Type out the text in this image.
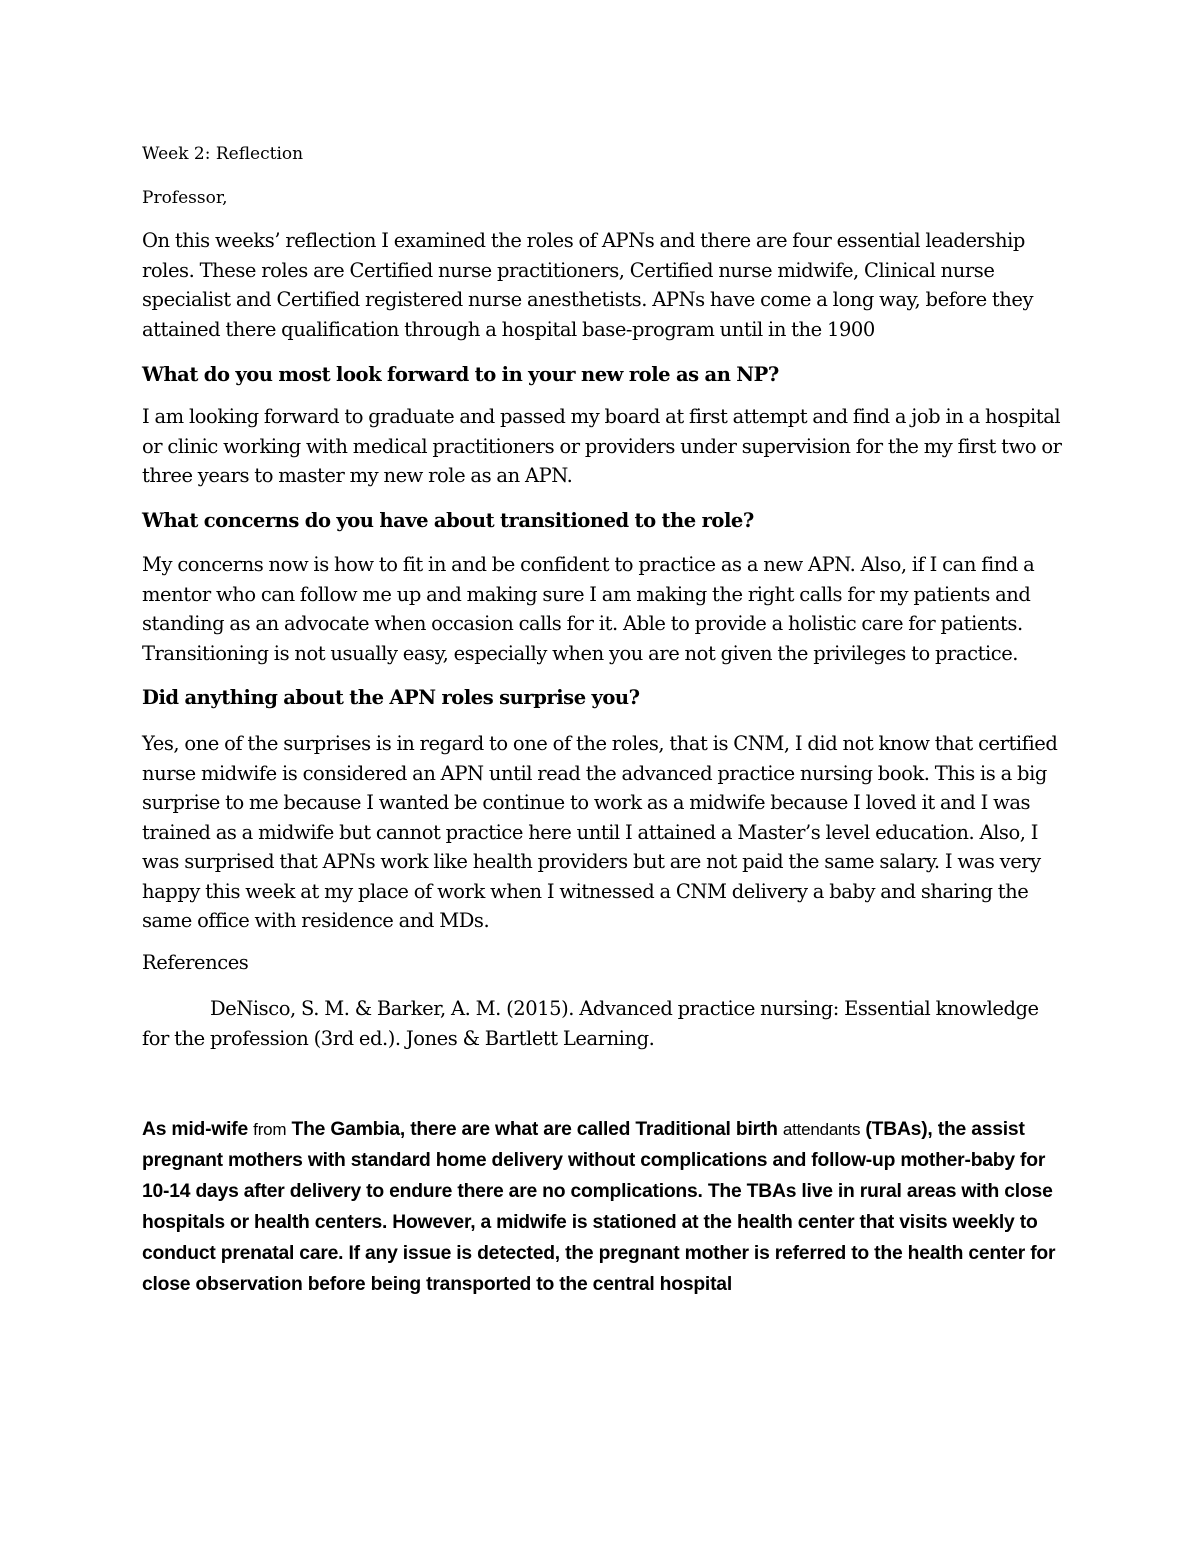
Week 2: Reflection

Professor,

On this weeks’ reflection I examined the roles of APNs and there are four essential leadership roles. These roles are Certified nurse practitioners, Certified nurse midwife, Clinical nurse specialist and Certified registered nurse anesthetists. APNs have come a long way, before they attained there qualification through a hospital base-program until in the 1900

What do you most look forward to in your new role as an NP?

I am looking forward to graduate and passed my board at first attempt and find a job in a hospital or clinic working with medical practitioners or providers under supervision for the my first two or three years to master my new role as an APN.

What concerns do you have about transitioned to the role?

My concerns now is how to fit in and be confident to practice as a new APN. Also, if I can find a mentor who can follow me up and making sure I am making the right calls for my patients and standing as an advocate when occasion calls for it. Able to provide a holistic care for patients. Transitioning is not usually easy, especially when you are not given the privileges to practice.

Did anything about the APN roles surprise you?

Yes, one of the surprises is in regard to one of the roles, that is CNM, I did not know that certified nurse midwife is considered an APN until read the advanced practice nursing book. This is a big surprise to me because I wanted be continue to work as a midwife because I loved it and I was trained as a midwife but cannot practice here until I attained a Master’s level education. Also, I was surprised that APNs work like health providers but are not paid the same salary. I was very happy this week at my place of work when I witnessed a CNM delivery a baby and sharing the same office with residence and MDs.

References

DeNisco, S. M. & Barker, A. M. (2015). Advanced practice nursing: Essential knowledge for the profession (3rd ed.). Jones & Bartlett Learning.

As mid-wife from The Gambia, there are what are called Traditional birth attendants (TBAs), the assist pregnant mothers with standard home delivery without complications and follow-up mother-baby for 10-14 days after delivery to endure there are no complications. The TBAs live in rural areas with close hospitals or health centers. However, a midwife is stationed at the health center that visits weekly to conduct prenatal care. If any issue is detected, the pregnant mother is referred to the health center for close observation before being transported to the central hospital
